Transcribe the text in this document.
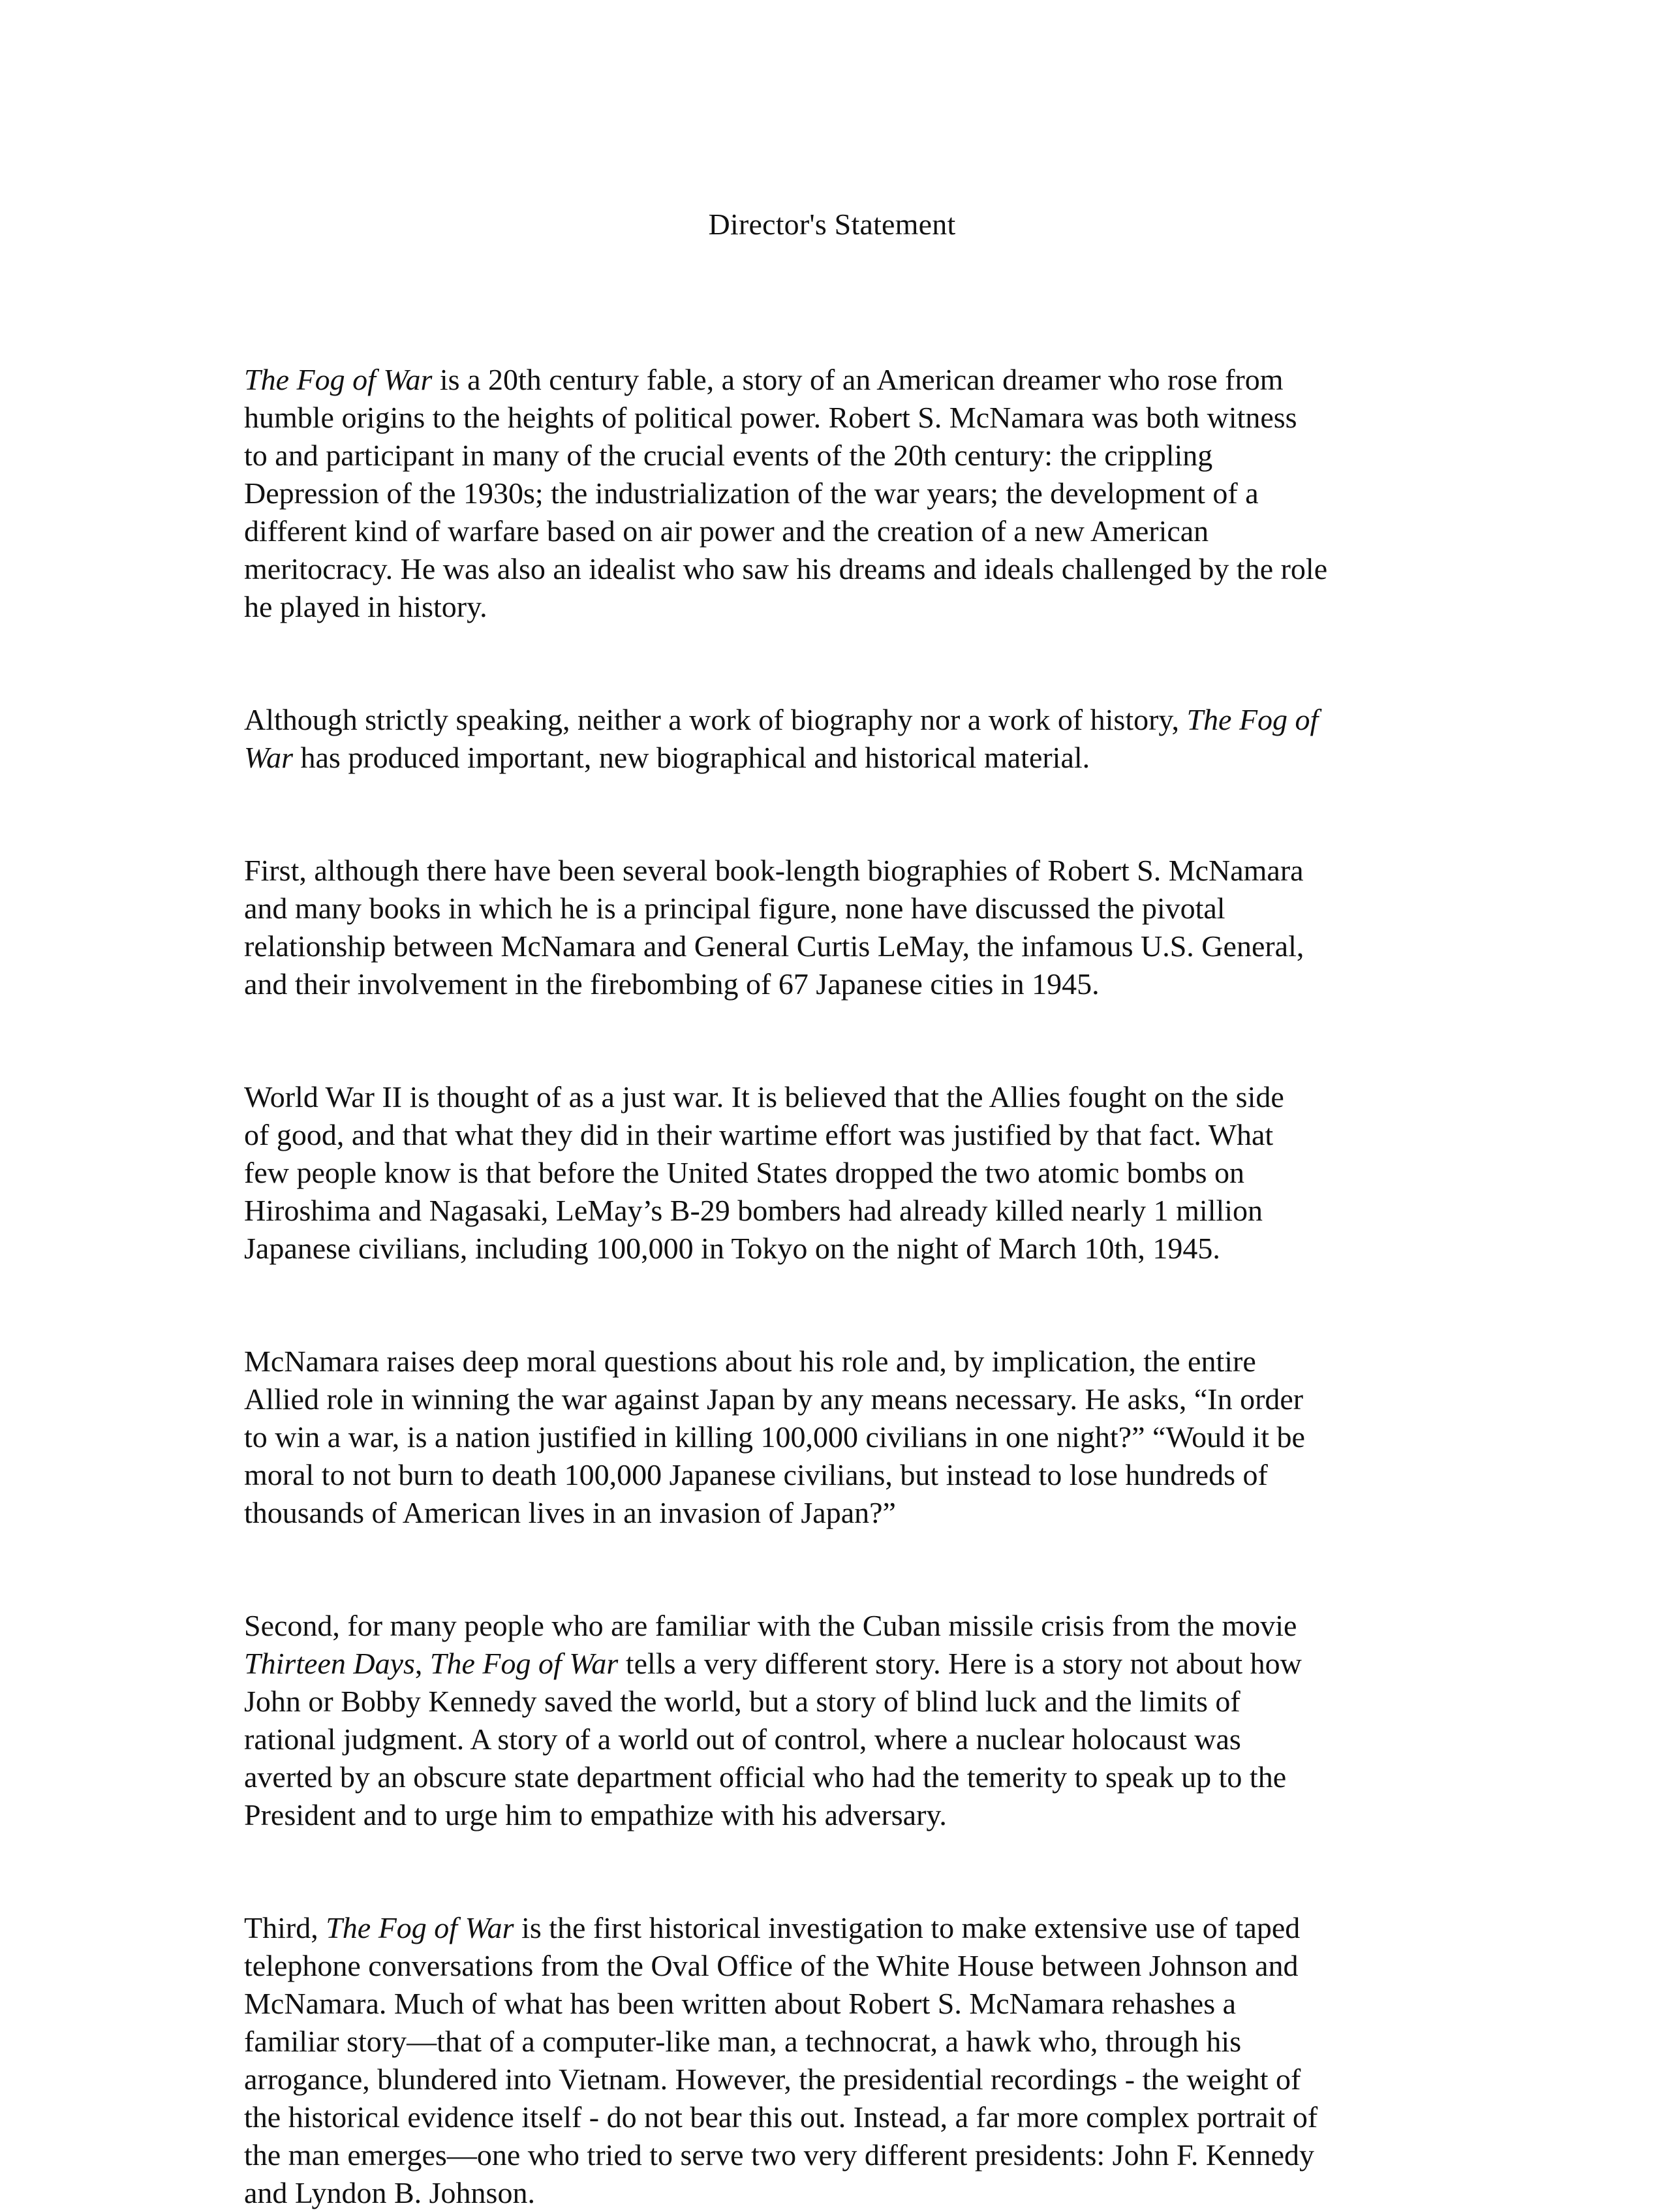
Director's Statement

The Fog of War is a 20th century fable, a story of an American dreamer who rose from
humble origins to the heights of political power. Robert S. McNamara was both witness
to and participant in many of the crucial events of the 20th century: the crippling
Depression of the 1930s; the industrialization of the war years; the development of a
different kind of warfare based on air power and the creation of a new American
meritocracy. He was also an idealist who saw his dreams and ideals challenged by the role
he played in history.

Although strictly speaking, neither a work of biography nor a work of history, The Fog of
War has produced important, new biographical and historical material.

First, although there have been several book-length biographies of Robert S. McNamara
and many books in which he is a principal figure, none have discussed the pivotal
relationship between McNamara and General Curtis LeMay, the infamous U.S. General,
and their involvement in the firebombing of 67 Japanese cities in 1945.

World War II is thought of as a just war. It is believed that the Allies fought on the side
of good, and that what they did in their wartime effort was justified by that fact. What
few people know is that before the United States dropped the two atomic bombs on
Hiroshima and Nagasaki, LeMay’s B-29 bombers had already killed nearly 1 million
Japanese civilians, including 100,000 in Tokyo on the night of March 10th, 1945.

McNamara raises deep moral questions about his role and, by implication, the entire
Allied role in winning the war against Japan by any means necessary. He asks, “In order
to win a war, is a nation justified in killing 100,000 civilians in one night?” “Would it be
moral to not burn to death 100,000 Japanese civilians, but instead to lose hundreds of
thousands of American lives in an invasion of Japan?”

Second, for many people who are familiar with the Cuban missile crisis from the movie
Thirteen Days, The Fog of War tells a very different story. Here is a story not about how
John or Bobby Kennedy saved the world, but a story of blind luck and the limits of
rational judgment. A story of a world out of control, where a nuclear holocaust was
averted by an obscure state department official who had the temerity to speak up to the
President and to urge him to empathize with his adversary.

Third, The Fog of War is the first historical investigation to make extensive use of taped
telephone conversations from the Oval Office of the White House between Johnson and
McNamara. Much of what has been written about Robert S. McNamara rehashes a
familiar story—that of a computer-like man, a technocrat, a hawk who, through his
arrogance, blundered into Vietnam. However, the presidential recordings - the weight of
the historical evidence itself - do not bear this out. Instead, a far more complex portrait of
the man emerges—one who tried to serve two very different presidents: John F. Kennedy
and Lyndon B. Johnson.
